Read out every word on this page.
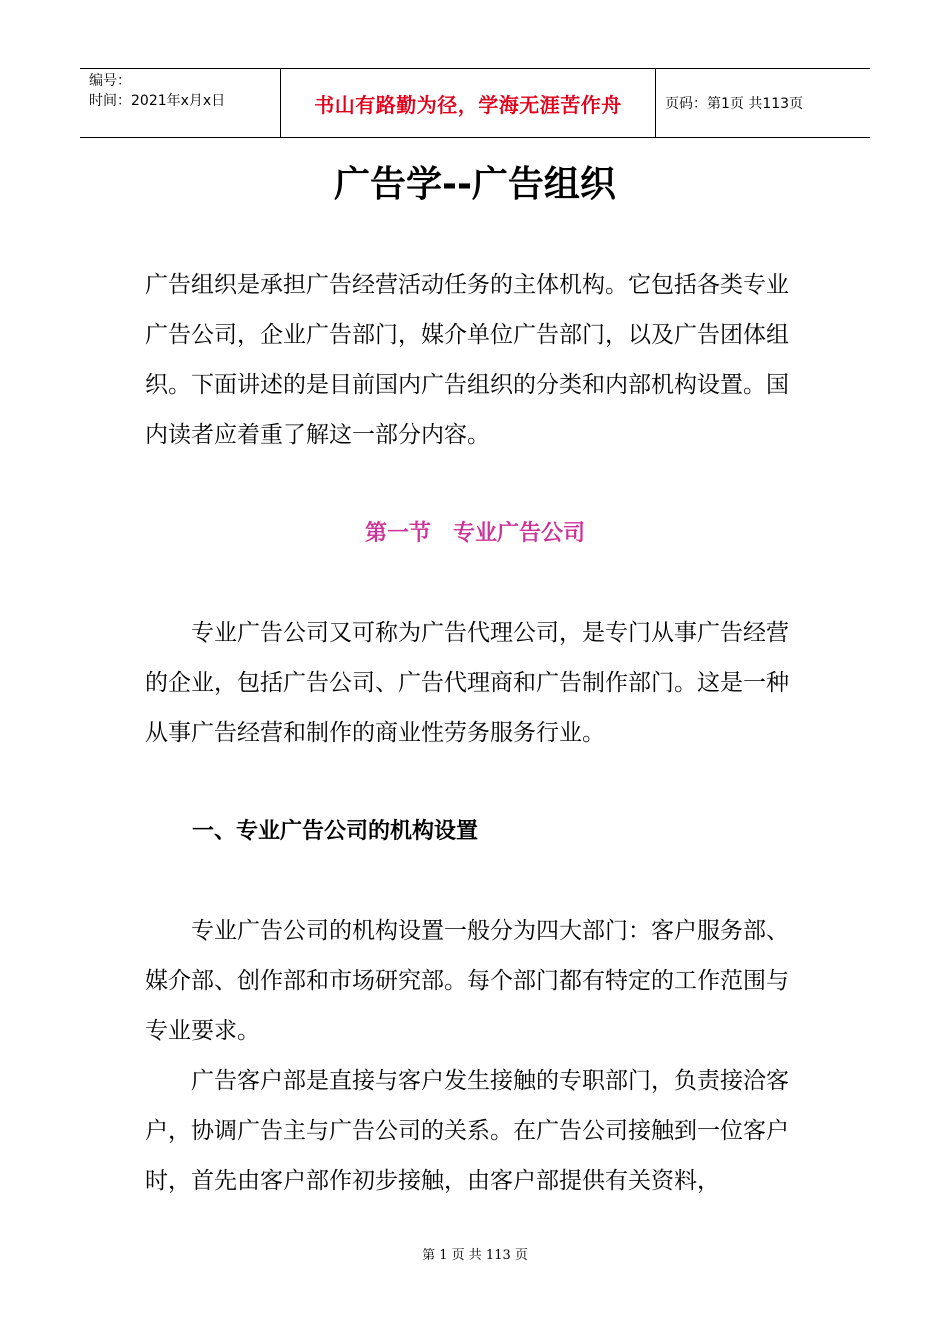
编号：
时间：2021年x月x日	书山有路勤为径，学海无涯苦作舟	页码：第1页 共113页
广告学--广告组织

广告组织是承担广告经营活动任务的主体机构。它包括各类专业广告公司，企业广告部门，媒介单位广告部门，以及广告团体组织。下面讲述的是目前国内广告组织的分类和内部机构设置。国内读者应着重了解这一部分内容。

第一节　专业广告公司

专业广告公司又可称为广告代理公司，是专门从事广告经营的企业，包括广告公司、广告代理商和广告制作部门。这是一种从事广告经营和制作的商业性劳务服务行业。

一、专业广告公司的机构设置

专业广告公司的机构设置一般分为四大部门：客户服务部、媒介部、创作部和市场研究部。每个部门都有特定的工作范围与专业要求。

广告客户部是直接与客户发生接触的专职部门，负责接洽客户，协调广告主与广告公司的关系。在广告公司接触到一位客户时，首先由客户部作初步接触，由客户部提供有关资料，

第 1 页 共 113 页
